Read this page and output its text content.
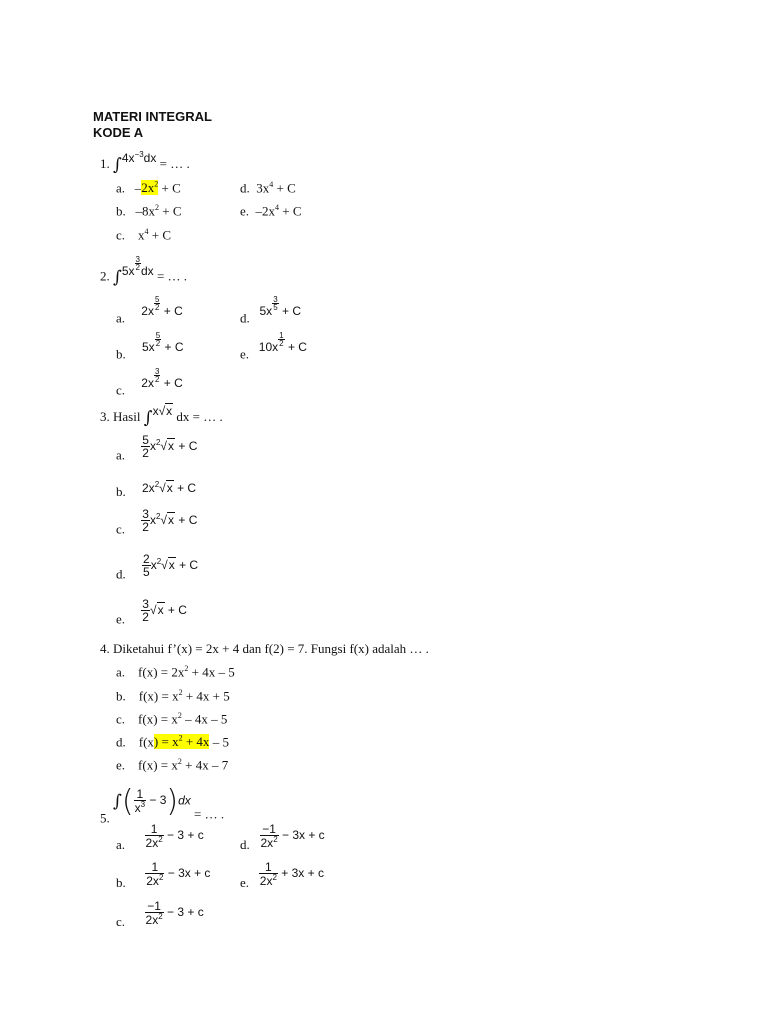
MATERI INTEGRAL
KODE A
1. $\int 4x^{-3}dx$ = … .
a. $-2x^2 + C$
b. $-8x^2 + C$
c. $x^4 + C$
d. $3x^4 + C$
e. $-2x^4 + C$
2. $\int 5x \frac{3}{2}$ dx = … .
a. $2x \frac{5}{2} + C$
b. $5x \frac{5}{2} + C$
c. $2x \frac{3}{2} + C$
d. $5x \frac{3}{5} + C$
e. $10x \frac{1}{2} + C$
3. Hasil ∫x√x dx = … .
a. $\frac{5}{2} x^2√x + C$
b. $2x^2√x + C$
c. $\frac{3}{2} x^2√x + C$
d. $\frac{2}{5} x^2√x + C$
e. $\frac{3}{2} √x + C$
4. Diketahui f’(x) = 2x + 4 dan f(2) = 7. Fungsi f(x) adalah … .
a. $f(x) = 2x^2 + 4x - 5$
b. $f(x) = x^2 + 4x + 5$
c. $f(x) = x^2 - 4x - 5$
d. $f(x) = x^2 + 4x - 5$
e. $f(x) = x^2 + 4x - 7$
5. ∫( $\frac{1}{x^3} - 3)dx$ = … .
a. $\frac{1}{2x^2} - 3 + c$
b. $\frac{1}{2x^2} - 3x + c$
c. $\frac{-1}{2x^2} - 3 + c$
d. $\frac{-1}{2x^2} - 3x + c$
e. $\frac{1}{2x^2} + 3x + c$
